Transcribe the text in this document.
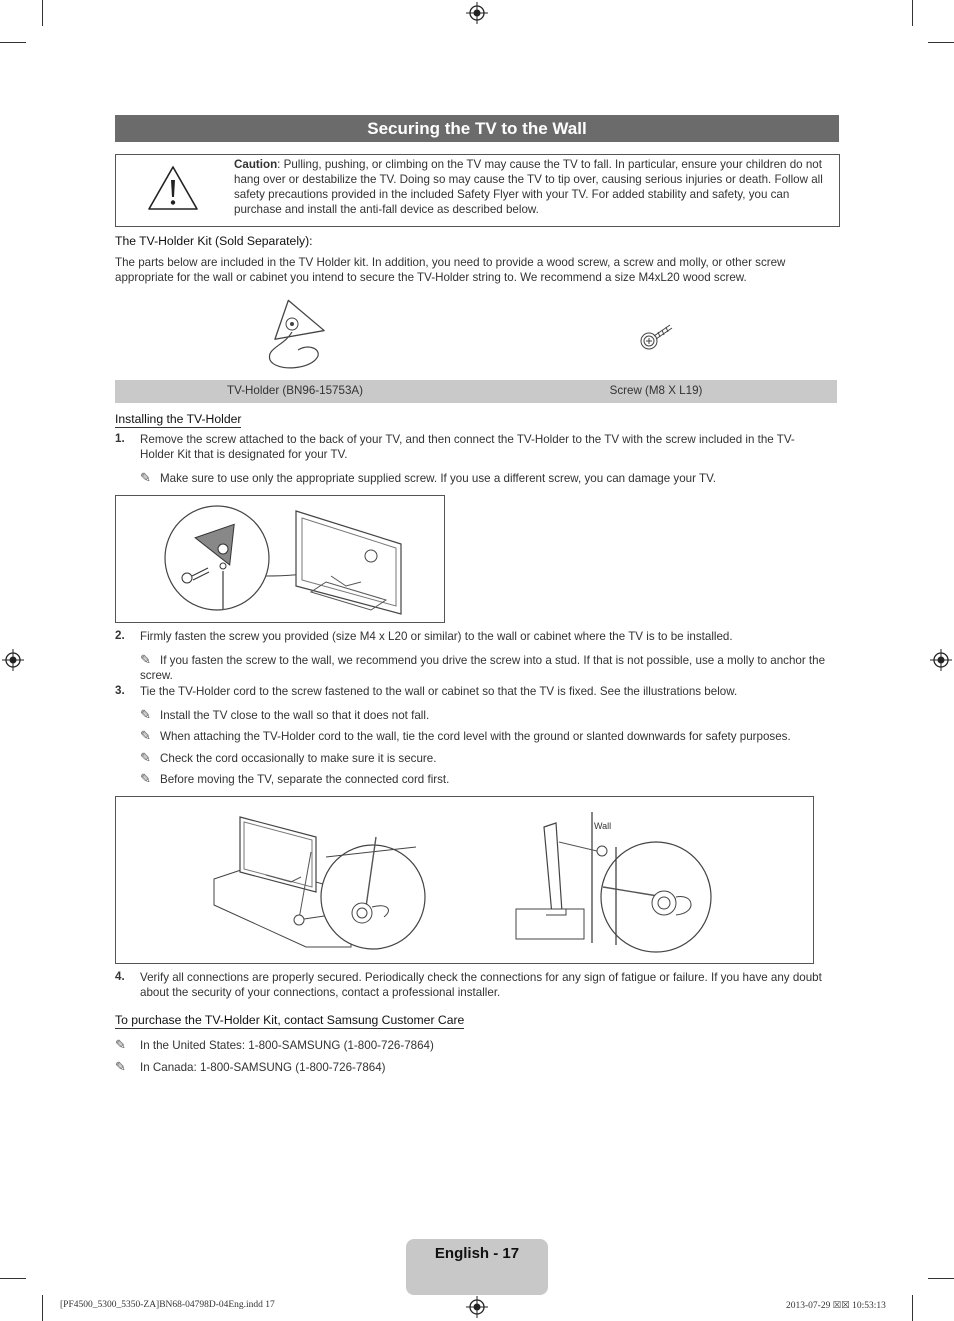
Securing the TV to the Wall
Caution: Pulling, pushing, or climbing on the TV may cause the TV to fall. In particular, ensure your children do not hang over or destabilize the TV. Doing so may cause the TV to tip over, causing serious injuries or death. Follow all safety precautions provided in the included Safety Flyer with your TV. For added stability and safety, you can purchase and install the anti-fall device as described below.
The TV-Holder Kit (Sold Separately):
The parts below are included in the TV Holder kit. In addition, you need to provide a wood screw, a screw and molly, or other screw appropriate for the wall or cabinet you intend to secure the TV-Holder string to. We recommend a size M4xL20 wood screw.
TV-Holder (BN96-15753A)	Screw (M8 X L19)
Installing the TV-Holder
1. Remove the screw attached to the back of your TV, and then connect the TV-Holder to the TV with the screw included in the TV-Holder Kit that is designated for your TV.
✎ Make sure to use only the appropriate supplied screw. If you use a different screw, you can damage your TV.
2. Firmly fasten the screw you provided (size M4 x L20 or similar) to the wall or cabinet where the TV is to be installed.
✎ If you fasten the screw to the wall, we recommend you drive the screw into a stud. If that is not possible, use a molly to anchor the screw.
3. Tie the TV-Holder cord to the screw fastened to the wall or cabinet so that the TV is fixed. See the illustrations below.
✎ Install the TV close to the wall so that it does not fall.
✎ When attaching the TV-Holder cord to the wall, tie the cord level with the ground or slanted downwards for safety purposes.
✎ Check the cord occasionally to make sure it is secure.
✎ Before moving the TV, separate the connected cord first.
Wall
4. Verify all connections are properly secured. Periodically check the connections for any sign of fatigue or failure. If you have any doubt about the security of your connections, contact a professional installer.
To purchase the TV-Holder Kit, contact Samsung Customer Care
✎ In the United States: 1-800-SAMSUNG (1-800-726-7864)
✎ In Canada: 1-800-SAMSUNG (1-800-726-7864)
English - 17
[PF4500_5300_5350-ZA]BN68-04798D-04Eng.indd 17	2013-07-29 ☒☒ 10:53:13
